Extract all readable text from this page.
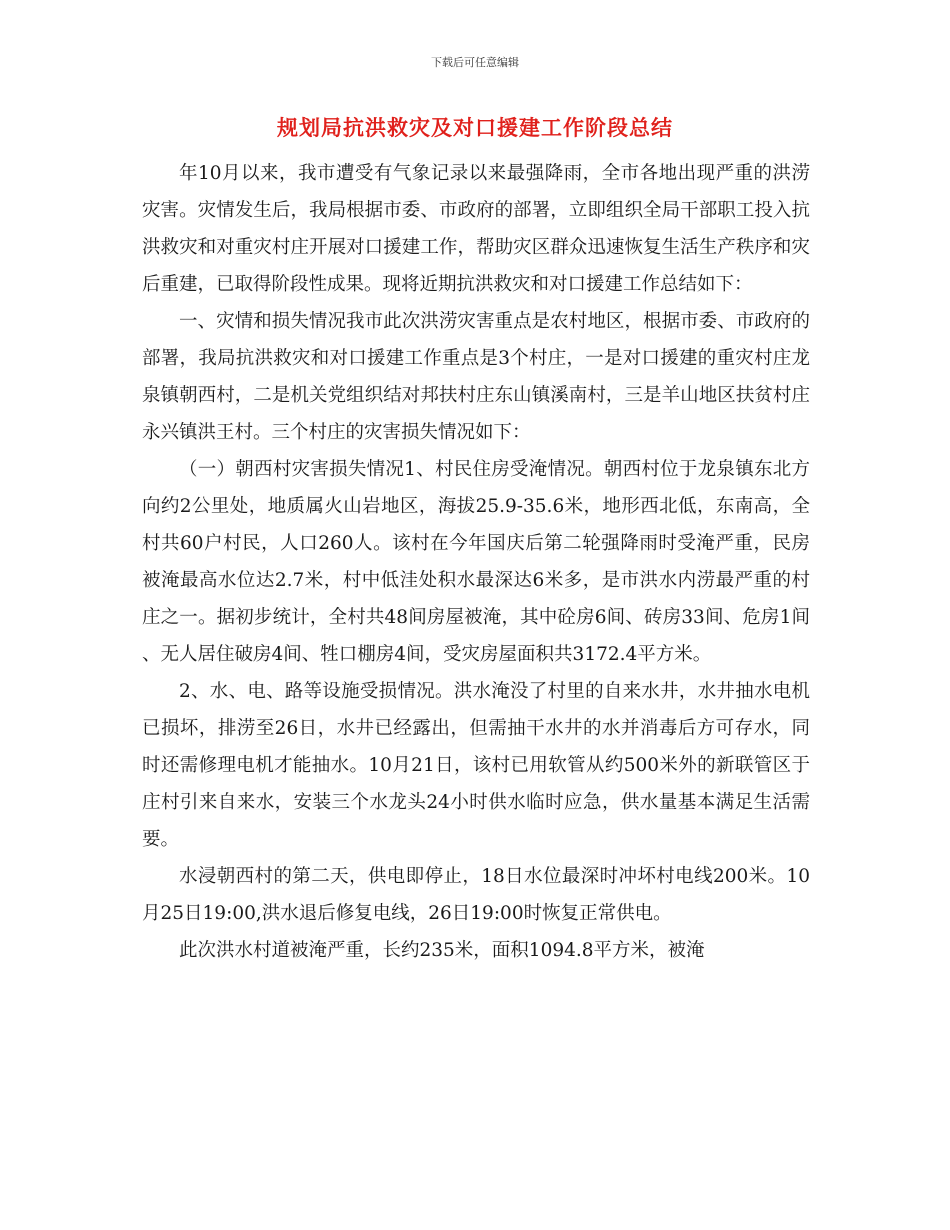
下载后可任意编辑
规划局抗洪救灾及对口援建工作阶段总结

年10月以来，我市遭受有气象记录以来最强降雨，全市各地出现严重的洪涝灾害。灾情发生后，我局根据市委、市政府的部署，立即组织全局干部职工投入抗洪救灾和对重灾村庄开展对口援建工作，帮助灾区群众迅速恢复生活生产秩序和灾后重建，已取得阶段性成果。现将近期抗洪救灾和对口援建工作总结如下：

一、灾情和损失情况我市此次洪涝灾害重点是农村地区，根据市委、市政府的部署，我局抗洪救灾和对口援建工作重点是3个村庄，一是对口援建的重灾村庄龙泉镇朝西村，二是机关党组织结对邦扶村庄东山镇溪南村，三是羊山地区扶贫村庄永兴镇洪王村。三个村庄的灾害损失情况如下：

（一）朝西村灾害损失情况1、村民住房受淹情况。朝西村位于龙泉镇东北方向约2公里处，地质属火山岩地区，海拔25.9-35.6米，地形西北低，东南高，全村共60户村民，人口260人。该村在今年国庆后第二轮强降雨时受淹严重，民房被淹最高水位达2.7米，村中低洼处积水最深达6米多，是市洪水内涝最严重的村庄之一。据初步统计，全村共48间房屋被淹，其中砼房6间、砖房33间、危房1间、无人居住破房4间、牲口棚房4间，受灾房屋面积共3172.4平方米。

2、水、电、路等设施受损情况。洪水淹没了村里的自来水井，水井抽水电机已损坏，排涝至26日，水井已经露出，但需抽干水井的水并消毒后方可存水，同时还需修理电机才能抽水。10月21日，该村已用软管从约500米外的新联管区于庄村引来自来水，安装三个水龙头24小时供水临时应急，供水量基本满足生活需要。

水浸朝西村的第二天，供电即停止，18日水位最深时冲坏村电线200米。10月25日19:00,洪水退后修复电线，26日19:00时恢复正常供电。

此次洪水村道被淹严重，长约235米，面积1094.8平方米，被淹
